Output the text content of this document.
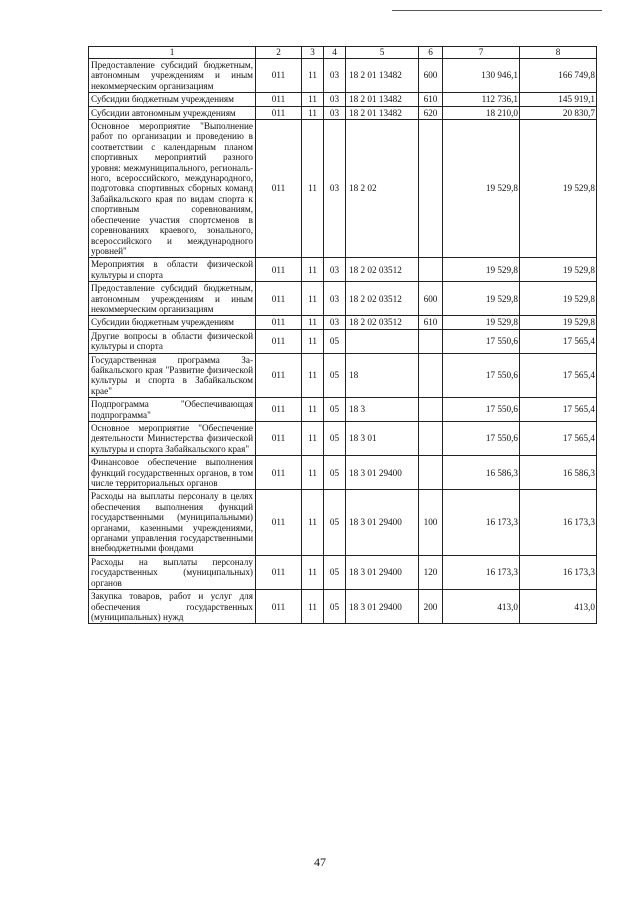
1	2	3	4	5	6	7	8
Предоставление субсидий бюджетным, автономным учреждениям и иным некоммерческим организациям	011	11	03	18 2 01 13482	600	130 946,1	166 749,8
Субсидии бюджетным учреждениям	011	11	03	18 2 01 13482	610	112 736,1	145 919,1
Субсидии автономным учреждениям	011	11	03	18 2 01 13482	620	18 210,0	20 830,7
Основное мероприятие "Выполнение работ по организации и проведению в соответствии с календарным планом спортивных мероприятий разного уровня: межмуниципального, регионального, всероссийского, международного, подготовка спортивных сборных команд Забайкальского края по видам спорта к спортивным соревнованиям, обеспечение участия спортсменов в соревнованиях краевого, зонального, всероссийского и международного уровней"	011	11	03	18 2 02		19 529,8	19 529,8
Мероприятия в области физической культуры и спорта	011	11	03	18 2 02 03512		19 529,8	19 529,8
Предоставление субсидий бюджетным, автономным учреждениям и иным некоммерческим организациям	011	11	03	18 2 02 03512	600	19 529,8	19 529,8
Субсидии бюджетным учреждениям	011	11	03	18 2 02 03512	610	19 529,8	19 529,8
Другие вопросы в области физической культуры и спорта	011	11	05			17 550,6	17 565,4
Государственная программа Забайкальского края "Развитие физической культуры и спорта в Забайкальском крае"	011	11	05	18		17 550,6	17 565,4
Подпрограмма "Обеспечивающая подпрограмма"	011	11	05	18 3		17 550,6	17 565,4
Основное мероприятие "Обеспечение деятельности Министерства физической культуры и спорта Забайкальского края"	011	11	05	18 3 01		17 550,6	17 565,4
Финансовое обеспечение выполнения функций государственных органов, в том числе территориальных органов	011	11	05	18 3 01 29400		16 586,3	16 586,3
Расходы на выплаты персоналу в целях обеспечения выполнения функций государственными (муниципальными) органами, казенными учреждениями, органами управления государственными внебюджетными фондами	011	11	05	18 3 01 29400	100	16 173,3	16 173,3
Расходы на выплаты персоналу государственных (муниципальных) органов	011	11	05	18 3 01 29400	120	16 173,3	16 173,3
Закупка товаров, работ и услуг для обеспечения государственных (муниципальных) нужд	011	11	05	18 3 01 29400	200	413,0	413,0
47
